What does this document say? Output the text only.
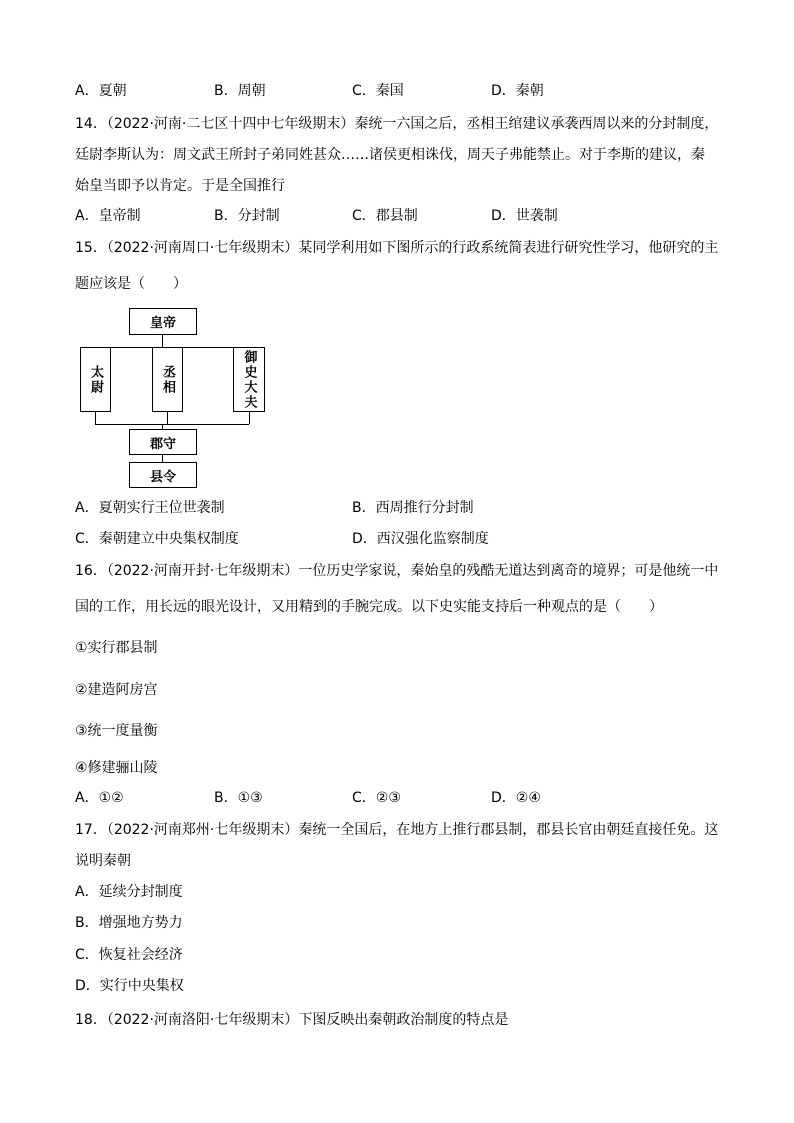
A．夏朝	B．周朝	C．秦国	D．秦朝
14．（2022·河南·二七区十四中七年级期末）秦统一六国之后，丞相王绾建议承袭西周以来的分封制度，
廷尉李斯认为：周文武王所封子弟同姓甚众……诸侯更相诛伐，周天子弗能禁止。对于李斯的建议，秦
始皇当即予以肯定。于是全国推行
A．皇帝制	B．分封制	C．郡县制	D．世袭制
15．（2022·河南周口·七年级期末）某同学利用如下图所示的行政系统简表进行研究性学习，他研究的主
题应该是（　　）
皇帝
太尉	丞相	御史大夫
郡守
县令
A．夏朝实行王位世袭制	B．西周推行分封制
C．秦朝建立中央集权制度	D．西汉强化监察制度
16．（2022·河南开封·七年级期末）一位历史学家说，秦始皇的残酷无道达到离奇的境界；可是他统一中
国的工作，用长远的眼光设计，又用精到的手腕完成。以下史实能支持后一种观点的是（　　）
①实行郡县制
②建造阿房宫
③统一度量衡
④修建骊山陵
A．①②	B．①③	C．②③	D．②④
17．（2022·河南郑州·七年级期末）秦统一全国后，在地方上推行郡县制，郡县长官由朝廷直接任免。这
说明秦朝
A．延续分封制度
B．增强地方势力
C．恢复社会经济
D．实行中央集权
18．（2022·河南洛阳·七年级期末）下图反映出秦朝政治制度的特点是
